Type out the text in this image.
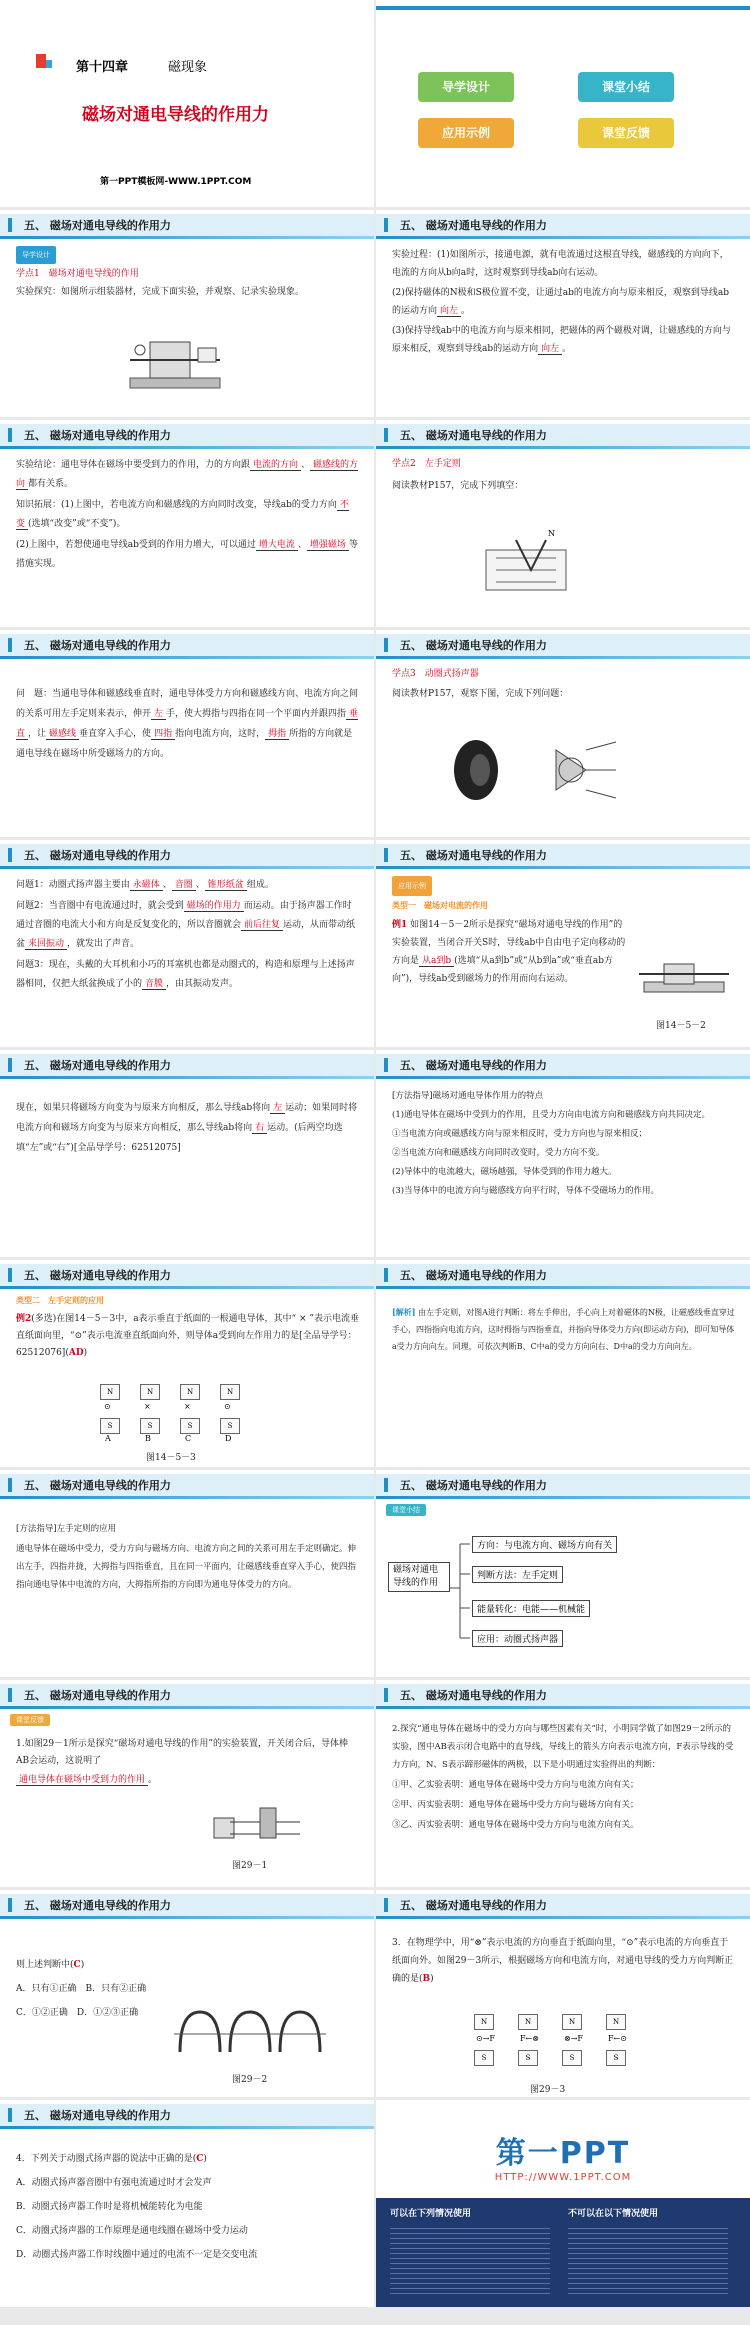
第十四章	磁现象
磁场对通电导线的作用力
第一PPT模板网-WWW.1PPT.COM
导学设计	课堂小结
应用示例	课堂反馈
五、 磁场对通电导线的作用力
导学设计

学点1　磁场对通电导线的作用

实验探究：如图所示组装器材，完成下面实验，并观察、记录实验现象。

五、 磁场对通电导线的作用力

实验过程：(1)如图所示，接通电源，就有电流通过这根直导线，磁感线的方向向下，电流的方向从b向a时，这时观察到导线ab向右运动。

(2)保持磁体的N极和S极位置不变，让通过ab的电流方向与原来相反，观察到导线ab的运动方向 向左 。

(3)保持导线ab中的电流方向与原来相同，把磁体的两个磁极对调，让磁感线的方向与原来相反，观察到导线ab的运动方向 向左 。

五、 磁场对通电导线的作用力

实验结论：通电导体在磁场中要受到力的作用，力的方向跟 电流的方向 、 磁感线的方向 都有关系。

知识拓展：(1)上图中，若电流方向和磁感线的方向同时改变，导线ab的受力方向 不变 (选填“改变”或“不变”)。

(2)上图中，若想使通电导线ab受到的作用力增大，可以通过 增大电流 、 增强磁场 等措施实现。

五、 磁场对通电导线的作用力

学点2　左手定则

阅读教材P157，完成下列填空：

N
五、 磁场对通电导线的作用力

问　题：当通电导体和磁感线垂直时，通电导体受力方向和磁感线方向、电流方向之间的关系可用左手定则来表示，伸开 左 手，使大拇指与四指在同一个平面内并跟四指 垂直 ，让 磁感线 垂直穿入手心，使 四指 指向电流方向，这时， 拇指 所指的方向就是通电导线在磁场中所受磁场力的方向。

五、 磁场对通电导线的作用力

学点3　动圈式扬声器

阅读教材P157，观察下图，完成下列问题：

五、 磁场对通电导线的作用力

问题1：动圈式扬声器主要由 永磁体 、 音圈 、 锥形纸盆 组成。

问题2：当音圈中有电流通过时，就会受到 磁场的作用力 而运动。由于扬声器工作时通过音圈的电流大小和方向是反复变化的，所以音圈就会 前后往复 运动，从而带动纸盆 来回振动 ，就发出了声音。

问题3：现在，头戴的大耳机和小巧的耳塞机也都是动圈式的，构造和原理与上述扬声器相同，仅把大纸盆换成了小的 音膜 ，由其振动发声。

五、 磁场对通电导线的作用力
应用示例

类型一　磁场对电流的作用

例1 如图14－5－2所示是探究“磁场对通电导线的作用”的实验装置，当闭合开关S时，导线ab中自由电子定向移动的方向是 从a到b (选填“从a到b”或“从b到a”或“垂直ab方向”)，导线ab受到磁场力的作用而向右运动。

图14－5－2
五、 磁场对通电导线的作用力

现在，如果只将磁场方向变为与原来方向相反，那么导线ab将向 左 运动；如果同时将电流方向和磁场方向变为与原来方向相反，那么导线ab将向 右 运动。(后两空均选填“左”或“右”)[全品导学号：62512075]

五、 磁场对通电导线的作用力

[方法指导]磁场对通电导体作用力的特点

(1)通电导体在磁场中受到力的作用，且受力方向由电流方向和磁感线方向共同决定。

①当电流方向或磁感线方向与原来相反时，受力方向也与原来相反；

②当电流方向和磁感线方向同时改变时，受力方向不变。

(2)导体中的电流越大，磁场越强，导体受到的作用力越大。

(3)当导体中的电流方向与磁感线方向平行时，导体不受磁场力的作用。

五、 磁场对通电导线的作用力

类型二　左手定则的应用

例2(多选)在图14－5－3中，a表示垂直于纸面的一根通电导体，其中“ × ”表示电流垂直纸面向里，“⊙”表示电流垂直纸面向外，则导体a受到向左作用力的是[全品导学号：62512076](AD)

N	N	N	N
S	S	S	S
⊙	×	×	⊙
A	B	C	D
图14－5－3
五、 磁场对通电导线的作用力

[解析] 由左手定则，对图A进行判断：将左手伸出，手心向上对着磁体的N极，让磁感线垂直穿过手心，四指指向电流方向，这时拇指与四指垂直，并指向导体受力方向(即运动方向)，即可知导体a受力方向向左。同理，可依次判断B、C中a的受力方向向右、D中a的受力方向向左。

五、 磁场对通电导线的作用力

[方法指导]左手定则的应用

通电导体在磁场中受力，受力方向与磁场方向、电流方向之间的关系可用左手定则确定。伸出左手，四指并拢，大拇指与四指垂直，且在同一平面内，让磁感线垂直穿入手心，使四指指向通电导体中电流的方向，大拇指所指的方向即为通电导体受力的方向。

五、 磁场对通电导线的作用力
课堂小结
磁场对通电导线的作用
方向：与电流方向、磁场方向有关
判断方法：左手定则
能量转化：电能——机械能
应用：动圈式扬声器
五、 磁场对通电导线的作用力
课堂反馈

1.如图29－1所示是探究“磁场对通电导线的作用”的实验装置，开关闭合后，导体棒AB会运动，这说明了

通电导体在磁场中受到力的作用 。

图29－1
五、 磁场对通电导线的作用力

2.探究“通电导体在磁场中的受力方向与哪些因素有关”时，小明同学做了如图29－2所示的实验，图中AB表示闭合电路中的直导线，导线上的箭头方向表示电流方向，F表示导线的受力方向，N、S表示蹄形磁体的两极，以下是小明通过实验得出的判断：

①甲、乙实验表明：通电导体在磁场中受力方向与电流方向有关；

②甲、丙实验表明：通电导体在磁场中受力方向与磁场方向有关；

③乙、丙实验表明：通电导体在磁场中受力方向与电流方向有关。

五、 磁场对通电导线的作用力

则上述判断中(C)

A．只有①正确　B．只有②正确

C．①②正确　D．①②③正确

图29－2
五、 磁场对通电导线的作用力

3．在物理学中，用“⊗”表示电流的方向垂直于纸面向里，“⊙”表示电流的方向垂直于纸面向外。如图29－3所示，根据磁场方向和电流方向，对通电导线的受力方向判断正确的是(B)

N	N	N	N
S	S	S	S
⊙→F	F←⊗	⊗→F	F←⊙
图29－3
五、 磁场对通电导线的作用力

4．下列关于动圈式扬声器的说法中正确的是(C)

A．动圈式扬声器音圈中有强电流通过时才会发声

B．动圈式扬声器工作时是将机械能转化为电能

C．动圈式扬声器的工作原理是通电线圈在磁场中受力运动

D．动圈式扬声器工作时线圈中通过的电流不一定是交变电流

第一PPT
HTTP://WWW.1PPT.COM
可以在下列情况使用	不可以在以下情况使用
